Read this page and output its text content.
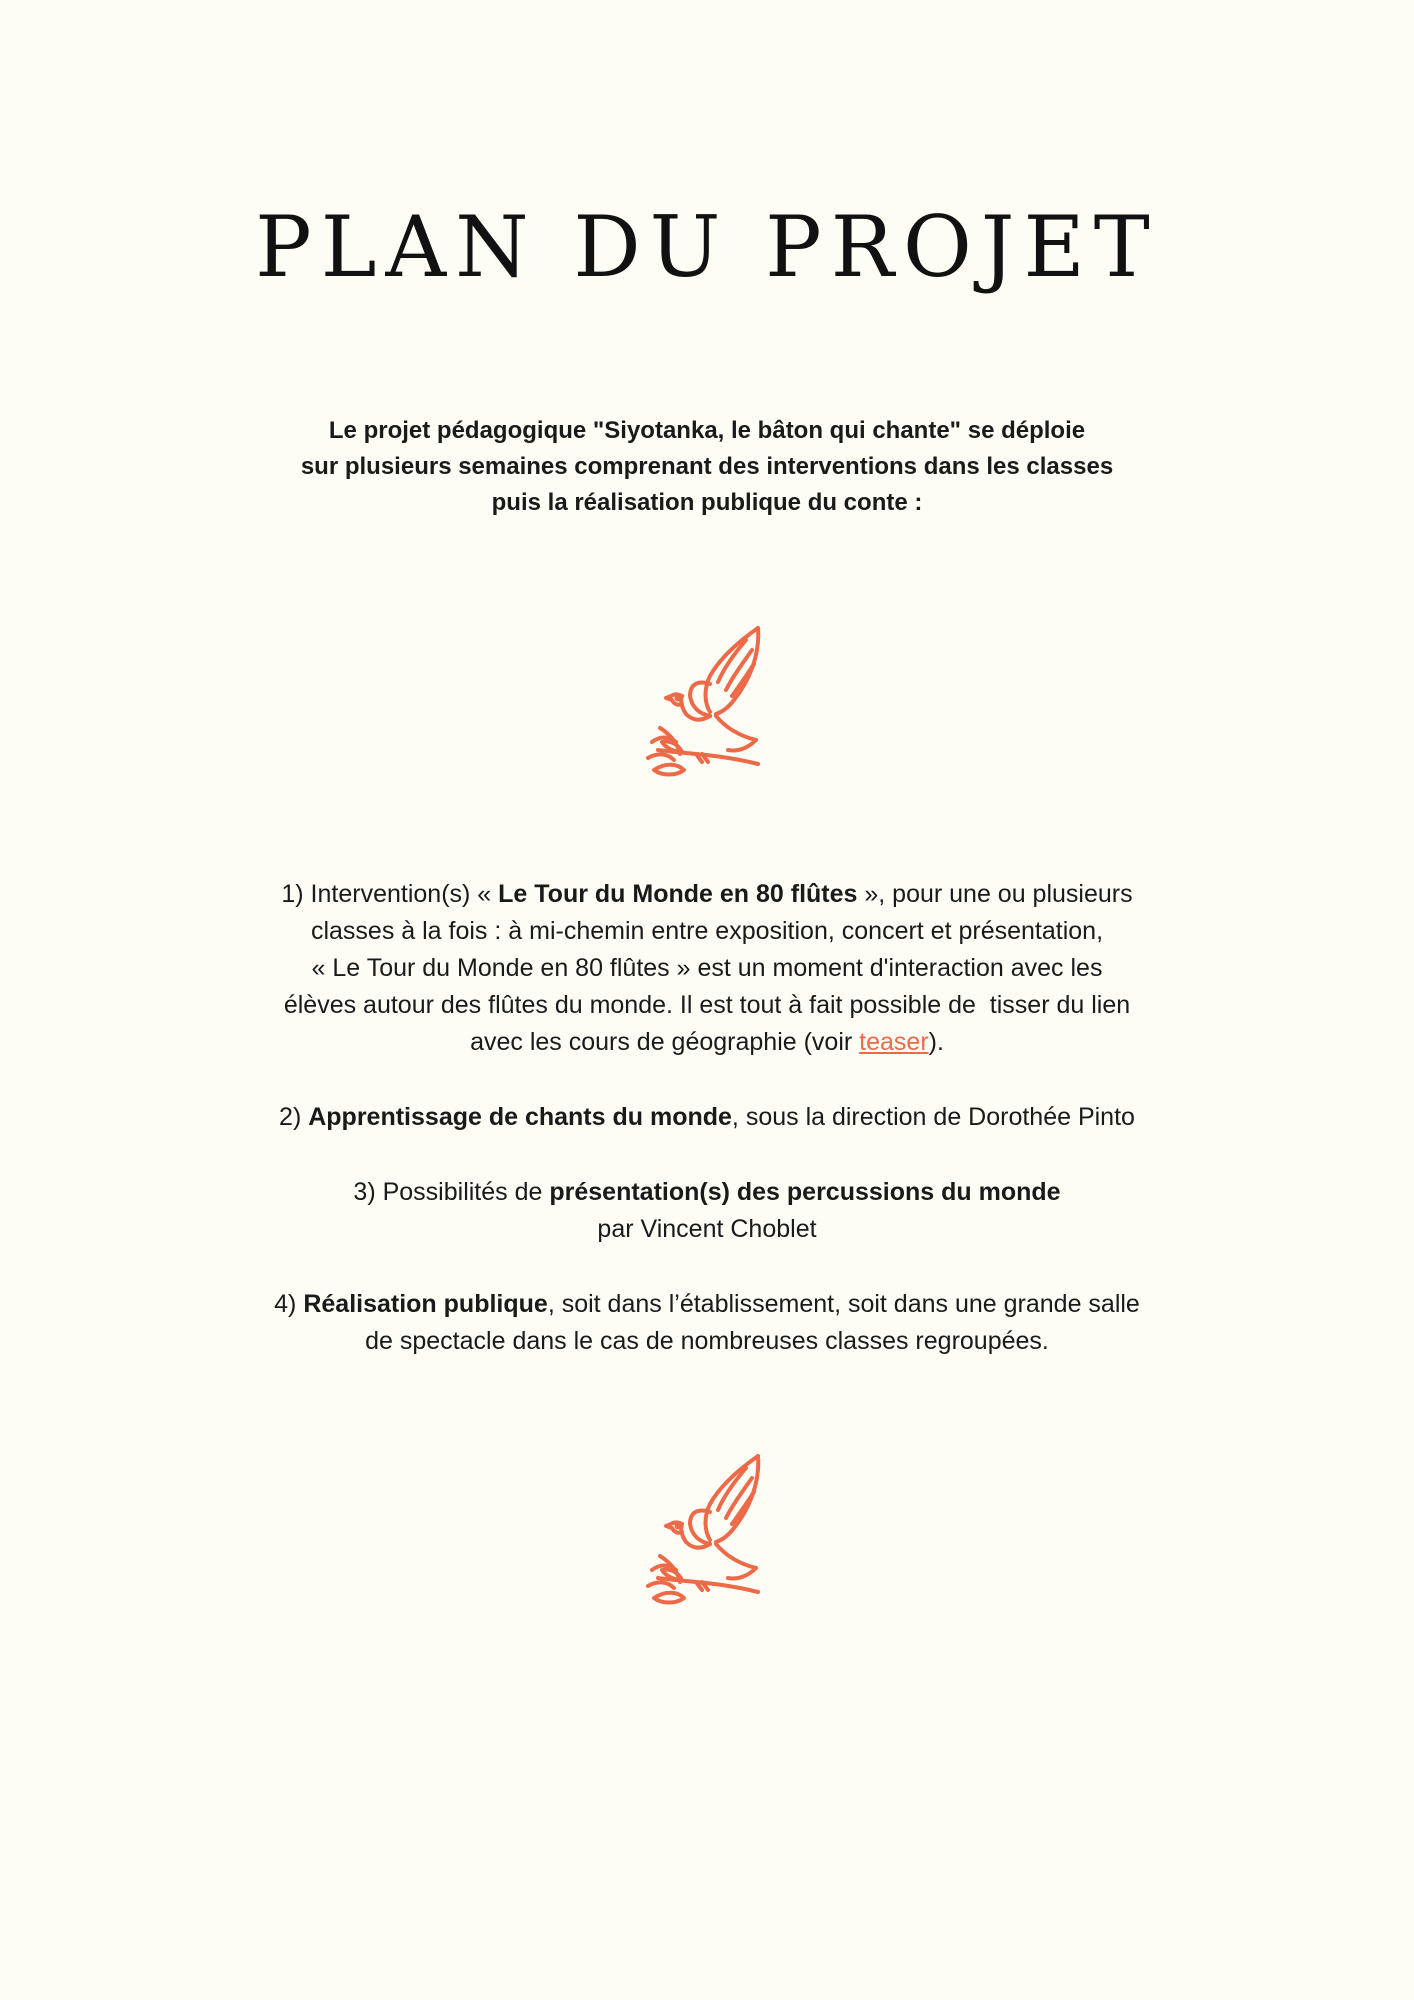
PLAN DU PROJET

Le projet pédagogique "Siyotanka, le bâton qui chante" se déploie
sur plusieurs semaines comprenant des interventions dans les classes
puis la réalisation publique du conte :

1) Intervention(s) « Le Tour du Monde en 80 flûtes », pour une ou plusieurs
classes à la fois : à mi-chemin entre exposition, concert et présentation,
« Le Tour du Monde en 80 flûtes » est un moment d'interaction avec les
élèves autour des flûtes du monde. Il est tout à fait possible de  tisser du lien
avec les cours de géographie (voir teaser).
2) Apprentissage de chants du monde, sous la direction de Dorothée Pinto
3) Possibilités de présentation(s) des percussions du monde
par Vincent Choblet
4) Réalisation publique, soit dans l’établissement, soit dans une grande salle
de spectacle dans le cas de nombreuses classes regroupées.
